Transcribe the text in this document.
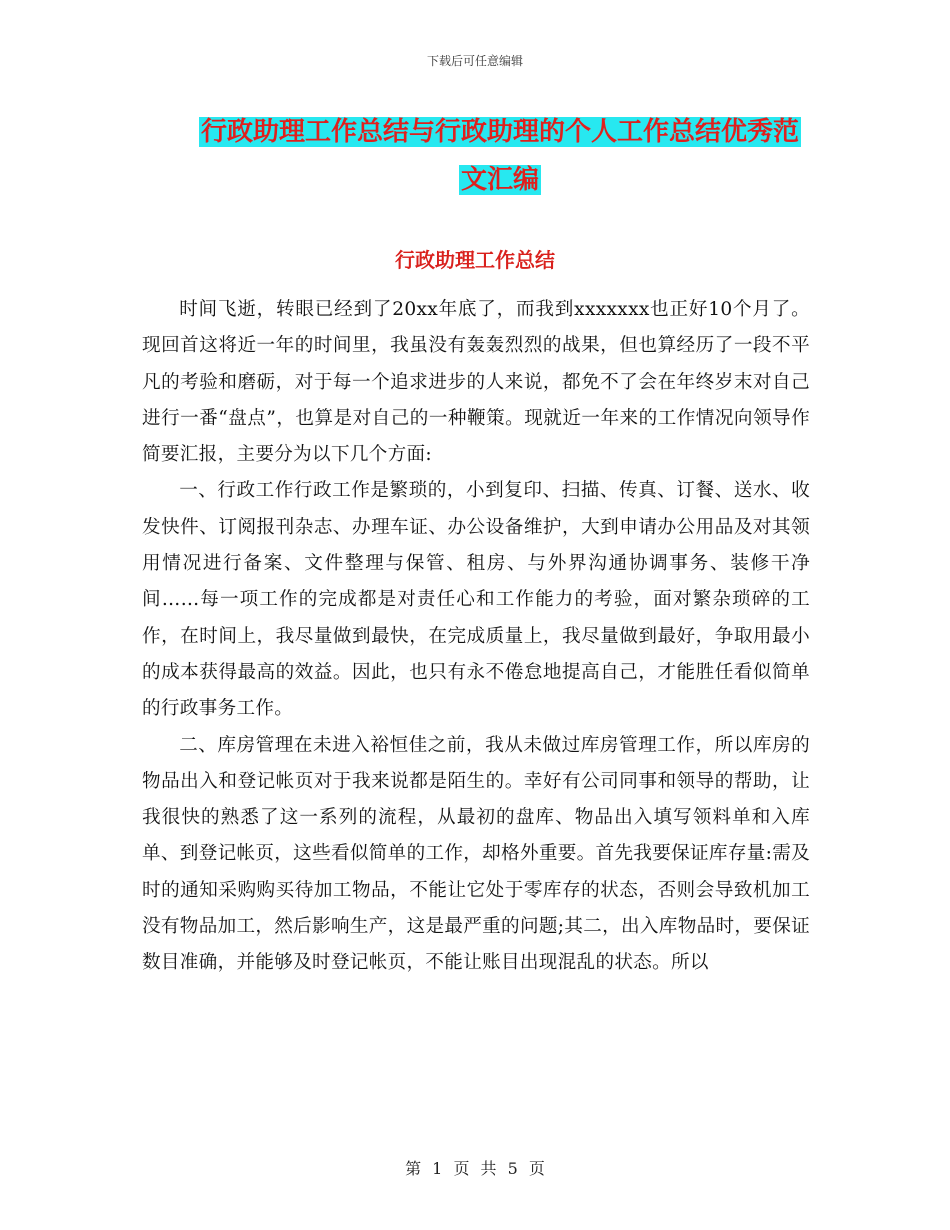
下载后可任意编辑
行政助理工作总结与行政助理的个人工作总结优秀范
文汇编
行政助理工作总结

时间飞逝，转眼已经到了20xx年底了，而我到xxxxxxx也正好10个月了。现回首这将近一年的时间里，我虽没有轰轰烈烈的战果，但也算经历了一段不平凡的考验和磨砺，对于每一个追求进步的人来说，都免不了会在年终岁末对自己进行一番“盘点”，也算是对自己的一种鞭策。现就近一年来的工作情况向领导作简要汇报，主要分为以下几个方面:

一、行政工作行政工作是繁琐的，小到复印、扫描、传真、订餐、送水、收发快件、订阅报刊杂志、办理车证、办公设备维护，大到申请办公用品及对其领用情况进行备案、文件整理与保管、租房、与外界沟通协调事务、装修干净间……每一项工作的完成都是对责任心和工作能力的考验，面对繁杂琐碎的工作，在时间上，我尽量做到最快，在完成质量上，我尽量做到最好，争取用最小的成本获得最高的效益。因此，也只有永不倦怠地提高自己，才能胜任看似简单的行政事务工作。

二、库房管理在未进入裕恒佳之前，我从未做过库房管理工作，所以库房的物品出入和登记帐页对于我来说都是陌生的。幸好有公司同事和领导的帮助，让我很快的熟悉了这一系列的流程，从最初的盘库、物品出入填写领料单和入库单、到登记帐页，这些看似简单的工作，却格外重要。首先我要保证库存量:需及时的通知采购购买待加工物品，不能让它处于零库存的状态，否则会导致机加工没有物品加工，然后影响生产，这是最严重的问题;其二，出入库物品时，要保证数目准确，并能够及时登记帐页，不能让账目出现混乱的状态。所以

第 1 页 共 5 页
